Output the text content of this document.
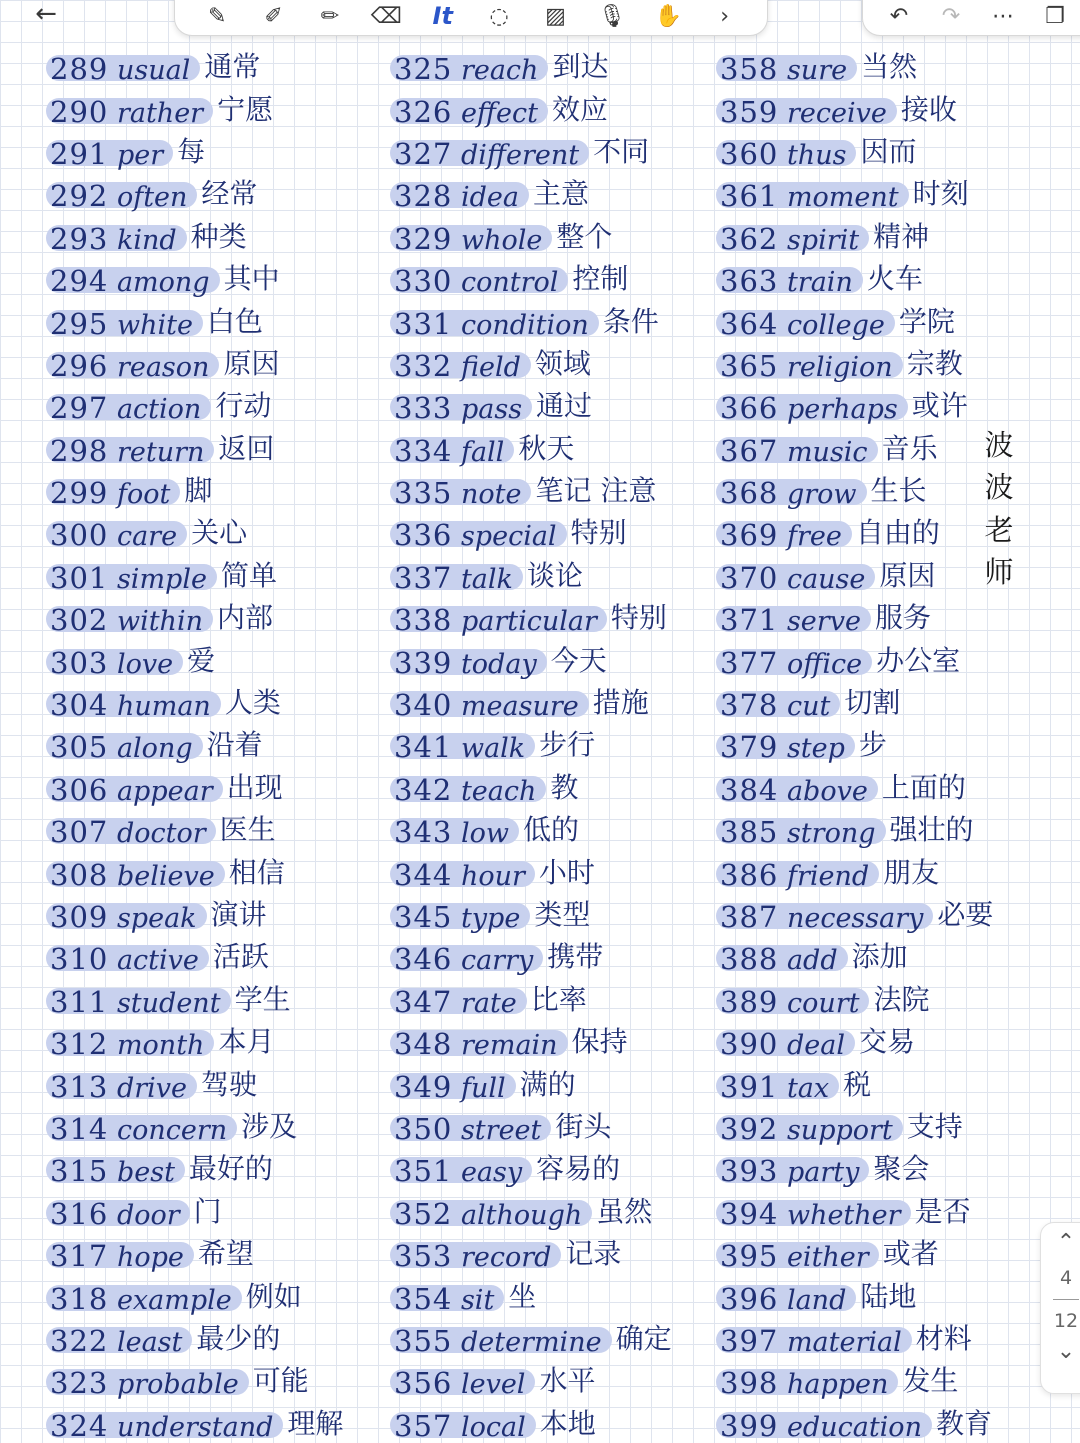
←	✎	✐	✏	⌫ It	◌	▨	🎙 ✋	›	↶	↷	⋯	❐
289 usual 通常
290 rather 宁愿
291 per 每
292 often 经常
293 kind 种类
294 among 其中
295 white 白色
296 reason 原因
297 action 行动
298 return 返回
299 foot 脚
300 care 关心
301 simple 简单
302 within 内部
303 love 爱
304 human 人类
305 along 沿着
306 appear 出现
307 doctor 医生
308 believe 相信
309 speak 演讲
310 active 活跃
311 student 学生
312 month 本月
313 drive 驾驶
314 concern 涉及
315 best 最好的
316 door 门
317 hope 希望
318 example 例如
322 least 最少的
323 probable 可能
324 understand 理解
325 reach 到达
326 effect 效应
327 different 不同
328 idea 主意
329 whole 整个
330 control 控制
331 condition 条件
332 field 领域
333 pass 通过
334 fall 秋天
335 note 笔记 注意
336 special 特别
337 talk 谈论
338 particular 特别
339 today 今天
340 measure 措施
341 walk 步行
342 teach 教
343 low 低的
344 hour 小时
345 type 类型
346 carry 携带
347 rate 比率
348 remain 保持
349 full 满的
350 street 街头
351 easy 容易的
352 although 虽然
353 record 记录
354 sit 坐
355 determine 确定
356 level 水平
357 local 本地
358 sure 当然
359 receive 接收
360 thus 因而
361 moment 时刻
362 spirit 精神
363 train 火车
364 college 学院
365 religion 宗教
366 perhaps 或许
367 music 音乐
368 grow 生长
369 free 自由的
370 cause 原因
371 serve 服务
377 office 办公室
378 cut 切割
379 step 步
384 above 上面的
385 strong 强壮的
386 friend 朋友
387 necessary 必要
388 add 添加
389 court 法院
390 deal 交易
391 tax 税
392 support 支持
393 party 聚会
394 whether 是否
395 either 或者
396 land 陆地
397 material 材料
398 happen 发生
399 education 教育
波
波
老
师
⌃
4
12
⌄
